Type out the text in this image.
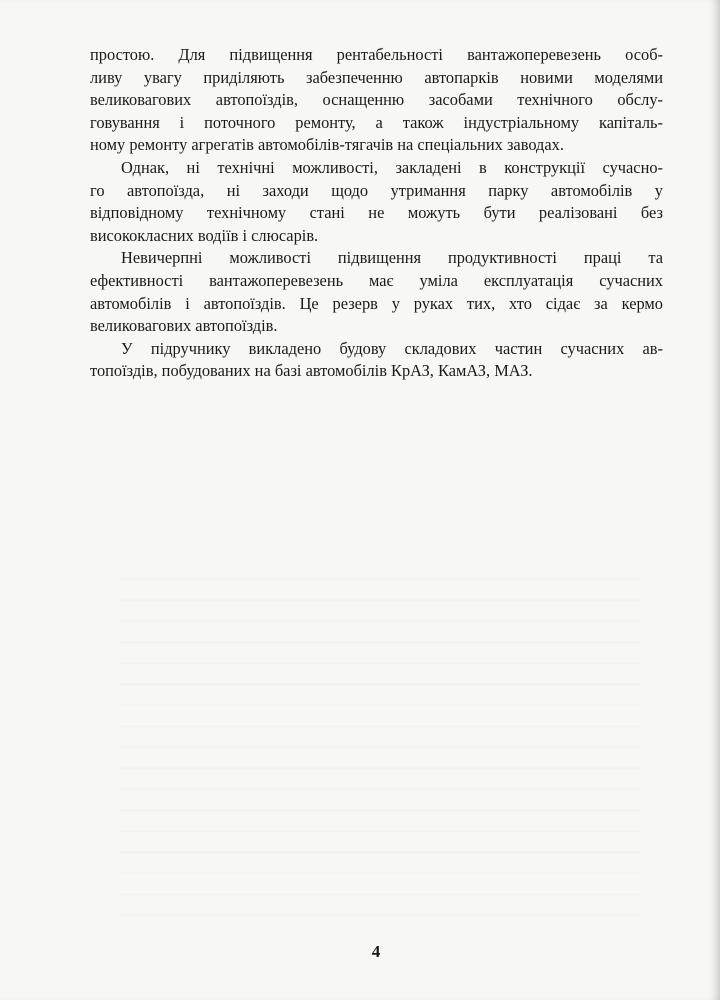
простою. Для підвищення рентабельності вантажоперевезень особ-
ливу увагу приділяють забезпеченню автопарків новими моделями
великовагових автопоїздів, оснащенню засобами технічного обслу-
говування і поточного ремонту, а також індустріальному капіталь-
ному ремонту агрегатів автомобілів-тягачів на спеціальних заводах.
Однак, ні технічні можливості, закладені в конструкції сучасно-
го автопоїзда, ні заходи щодо утримання парку автомобілів у
відповідному технічному стані не можуть бути реалізовані без
висококласних водіїв і слюсарів.
Невичерпні можливості підвищення продуктивності праці та
ефективності вантажоперевезень має уміла експлуатація сучасних
автомобілів і автопоїздів. Це резерв у руках тих, хто сідає за кермо
великовагових автопоїздів.
У підручнику викладено будову складових частин сучасних ав-
топоїздів, побудованих на базі автомобілів КрАЗ, КамАЗ, МАЗ.
4
